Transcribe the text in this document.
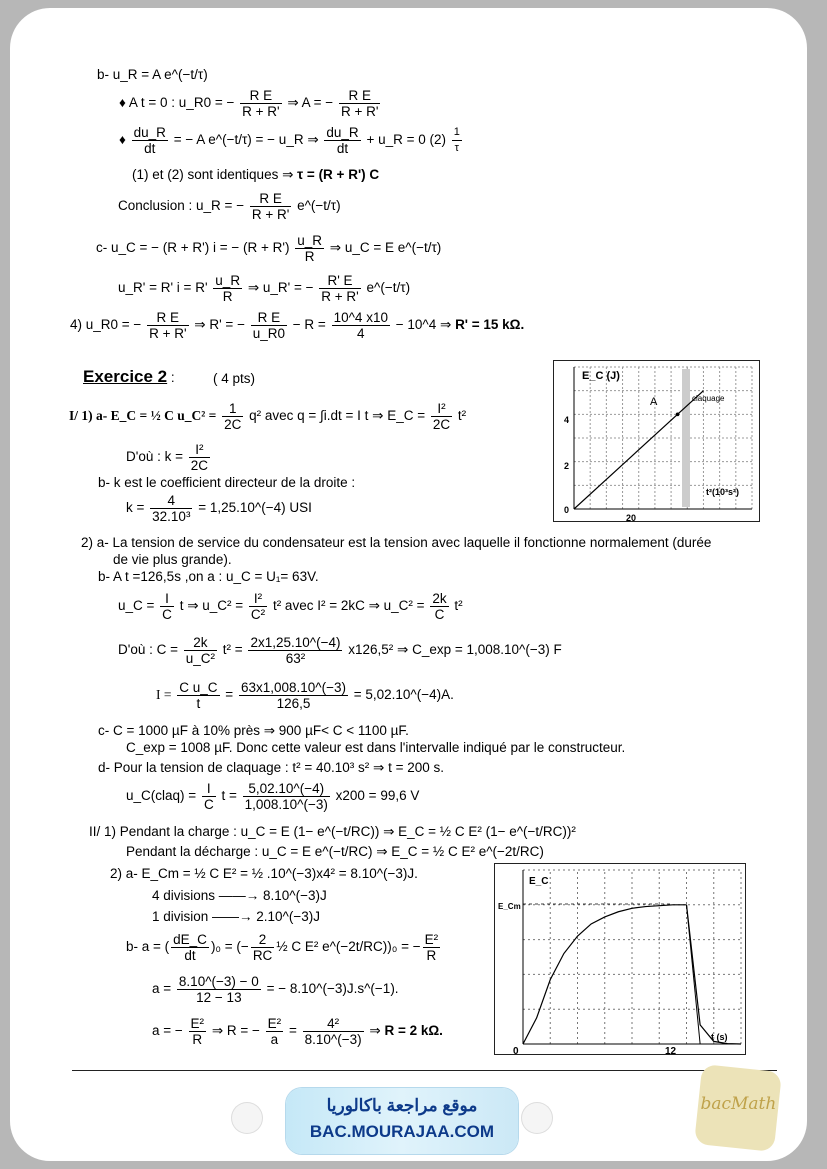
b- u_R = A e^(−t/τ)
♦ A t = 0 : u_R0 = − $\frac{\text{R E}}{R + R'}$ ⇒ A = − $\frac{\text{R E}}{R + R'}$
♦ $\frac{du\_R}{dt}$ = − A e^(−t/τ) = − u_R ⇒ $\frac{du\_R}{dt}$ + u_R = 0 $(2) \frac{1}{\tau}$
(1) et (2) sont identiques ⇒ τ = (R + R') C
Conclusion : u_R = − $\frac{\text{R E}}{R + R'}$ e^(−t/τ)
c- u_C = − (R + R') i = − $(R + R') \frac{u\_R}{R}$ ⇒ u_C = E e^(−t/τ)
u_R' = R' $i = R' \frac{u\_R}{R}$ ⇒ u_R' = − $\frac{R' E}{R + R'}$ e^(−t/τ)
4) u_R0 = − $\frac{\text{R E}}{R + R'}$ ⇒ R' = − $\frac{\text{R E}}{u\_R0} - R = \frac{10\^{}4 x10}{4}$ − 10^4 ⇒ R' = 15 kΩ.
Exercice 2 :	( 4 pts)
I/ 1) a- E_C = ½ C u_C² = $\frac{1}{2C} q^2$ avec q = ∫i.dt = I t ⇒ E_C = $\frac{\text{I²}}{2C} t^2$
D'où : $k = \frac{\text{I²}}{2C}$
b- k est le coefficient directeur de la droite :
$k = \frac{4}{\text{32.10³}}$ = 1,25.10^(−4) USI
2) a- La tension de service du condensateur est la tension avec laquelle il fonctionne normalement (durée
de vie plus grande).
b- A t =126,5s ,on a : u_C = U₁= 63V.
u_C = $\frac{I}{C}$ t ⇒ u_C² = $\frac{\text{I²}}{\text{C²}} t^2$ avec I² = 2kC ⇒ u_C² = $\frac{2k}{C} t^2$
D'où : $C = \frac{2k}{\text{u\_C²}} t^2 = \frac{2x1,25.10\^{}(-4)}{\text{63²}} x126,5^2$ ⇒ C_exp = 1,008.10^(−3) F
$I = \frac{\text{C u\_C}}{t} = \frac{63x1,008.10\^{}(-3)}{126,5}$ = 5,02.10^(−4)A.
c- C = 1000 µF à 10% près ⇒ 900 µF< C < 1100 µF.
C_exp = 1008 µF. Donc cette valeur est dans l'intervalle indiqué par le constructeur.
d- Pour la tension de claquage : t² = 40.10³ s² ⇒ t = 200 s.
u_C(claq) = $\frac{I}{C}$ $t = \frac{5,02.10\^{}(-4)}{1,008.10\^{}(-3)} x200 = 99,6$ V
II/ 1) Pendant la charge : u_C = E (1− e^(−t/RC)) ⇒ E_C = ½ C E² (1− e^(−t/RC))²
Pendant la décharge : u_C = E e^(−t/RC) ⇒ E_C = ½ C E² e^(−2t/RC)
2) a- E_Cm = ½ C E² = ½ .10^(−3)x4² = 8.10^(−3)J.
4 divisions ——→ 8.10^(−3)J
1 division ——→ 2.10^(−3)J
b- a = ( $\frac{dE\_C}{dt} )_0$ = (− $\frac{2}{RC}$ ½ C E² e^(−2t/RC))₀ = − $\frac{\text{E²}}{R}$
$a = \frac{8.10\^{}(-3) - 0}{12 - 13}$ = − 8.10^(−3)J.s^(−1).
a = − $\frac{\text{E²}}{R}$ ⇒ R = − $\frac{\text{E²}}{a} = \frac{\text{4²}}{8.10\^{}(-3)}$ ⇒ R = 2 kΩ.
A	claquage
E_C (J)
t²(10³s²)
0
2
4
20
E_C
E_Cm
t (s)
0	12
موقع مراجعة باكالوريا
BAC.MOURAJAA.COM
bacMath
